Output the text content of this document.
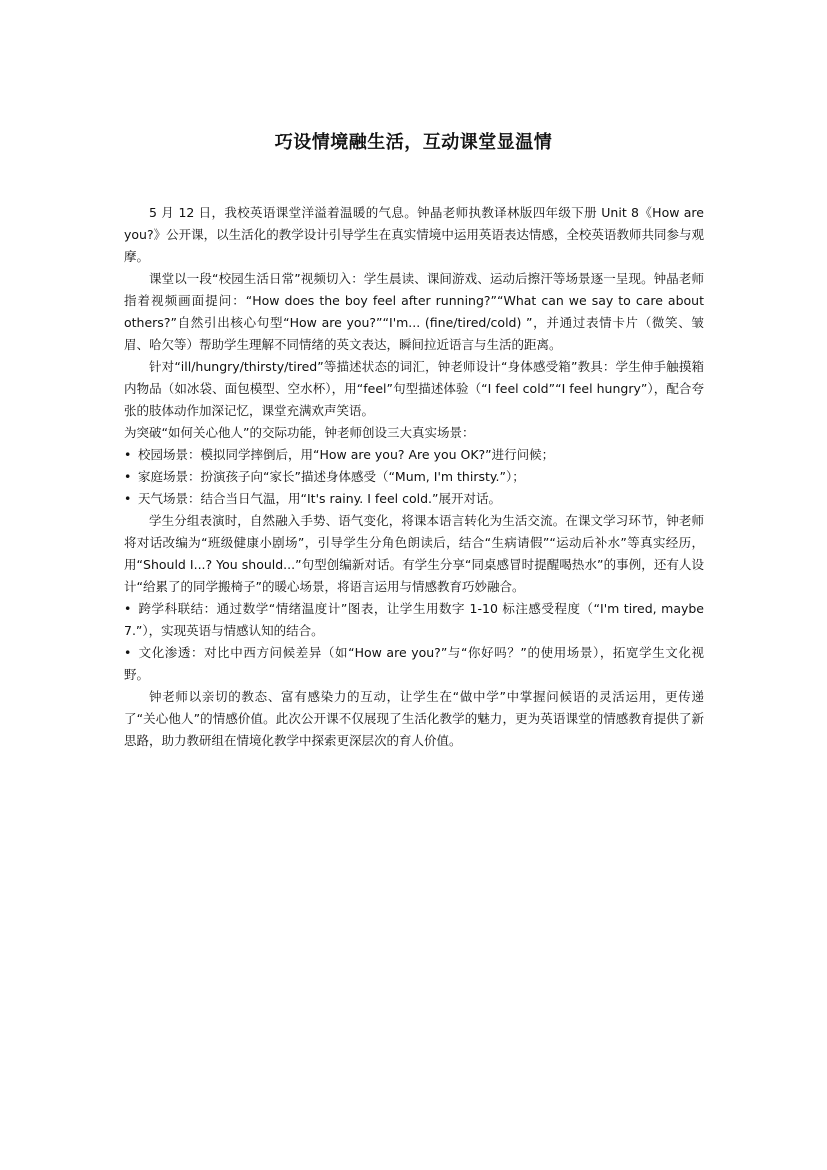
巧设情境融生活，互动课堂显温情

5 月 12 日，我校英语课堂洋溢着温暖的气息。钟晶老师执教译林版四年级下册 Unit 8《How are you?》公开课，以生活化的教学设计引导学生在真实情境中运用英语表达情感，全校英语教师共同参与观摩。

课堂以一段“校园生活日常”视频切入：学生晨读、课间游戏、运动后擦汗等场景逐一呈现。钟晶老师指着视频画面提问：“How does the boy feel after running?”“What can we say to care about others?”自然引出核心句型“How are you?”“I'm... (fine/tired/cold) ”，并通过表情卡片（微笑、皱眉、哈欠等）帮助学生理解不同情绪的英文表达，瞬间拉近语言与生活的距离。

针对“ill/hungry/thirsty/tired”等描述状态的词汇，钟老师设计“身体感受箱”教具：学生伸手触摸箱内物品（如冰袋、面包模型、空水杯），用“feel”句型描述体验（“I feel cold”“I feel hungry”），配合夸张的肢体动作加深记忆，课堂充满欢声笑语。

为突破“如何关心他人”的交际功能，钟老师创设三大真实场景：

• 校园场景：模拟同学摔倒后，用“How are you? Are you OK?”进行问候；

• 家庭场景：扮演孩子向“家长”描述身体感受（“Mum, I'm thirsty.”）；

• 天气场景：结合当日气温，用“It's rainy. I feel cold.”展开对话。

学生分组表演时，自然融入手势、语气变化，将课本语言转化为生活交流。在课文学习环节，钟老师将对话改编为“班级健康小剧场”，引导学生分角色朗读后，结合“生病请假”“运动后补水”等真实经历，用“Should I...? You should...”句型创编新对话。有学生分享“同桌感冒时提醒喝热水”的事例，还有人设计“给累了的同学搬椅子”的暖心场景，将语言运用与情感教育巧妙融合。

• 跨学科联结：通过数学“情绪温度计”图表，让学生用数字 1-10 标注感受程度（“I'm tired, maybe 7.”），实现英语与情感认知的结合。

• 文化渗透：对比中西方问候差异（如“How are you?”与“你好吗？”的使用场景），拓宽学生文化视野。

钟老师以亲切的教态、富有感染力的互动，让学生在“做中学”中掌握问候语的灵活运用，更传递了“关心他人”的情感价值。此次公开课不仅展现了生活化教学的魅力，更为英语课堂的情感教育提供了新思路，助力教研组在情境化教学中探索更深层次的育人价值。
